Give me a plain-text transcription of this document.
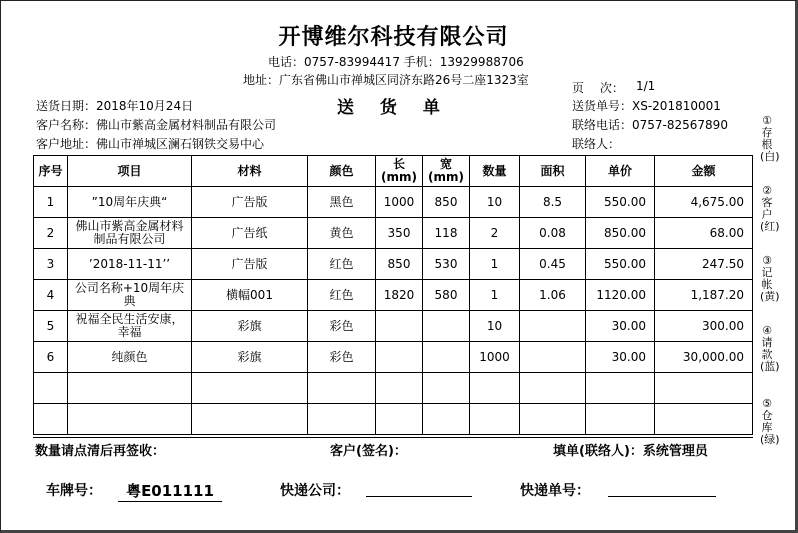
开博维尔科技有限公司
电话：0757-83994417 手机：13929988706
地址：广东省佛山市禅城区同济东路26号二座1323室
页　 次： 1/1
送 货 单
送货日期：2018年10月24日	送货单号：XS-201810001
客户名称：佛山市紫高金属材料制品有限公司	联络电话：0757-82567890
客户地址：佛山市禅城区澜石钢铁交易中心	联络人：
序号	项目	材料	颜色	长(mm)	宽(mm)	数量	面积	单价	金额
1	”10周年庆典“	广告版	黑色	1000	850	10	8.5	550.00	4,675.00
2	佛山市紫高金属材料制品有限公司	广告纸	黄色	350	118	2	0.08	850.00	68.00
3	’2018-11-11’’	广告版	红色	850	530	1	0.45	550.00	247.50
4	公司名称+10周年庆典	横幅001	红色	1820	580	1	1.06	1120.00	1,187.20
5	祝福全民生活安康，幸福	彩旗	彩色			10		30.00	300.00
6	纯颜色	彩旗	彩色			1000		30.00	30,000.00

①存根(白)
②客户(红)
③记帐(黄)
④请款(蓝)
⑤仓库(绿)
数量请点清后再签收：	客户(签名)：	填单(联络人)：系统管理员
车牌号：	粤E011111	快递公司：	快递单号：
